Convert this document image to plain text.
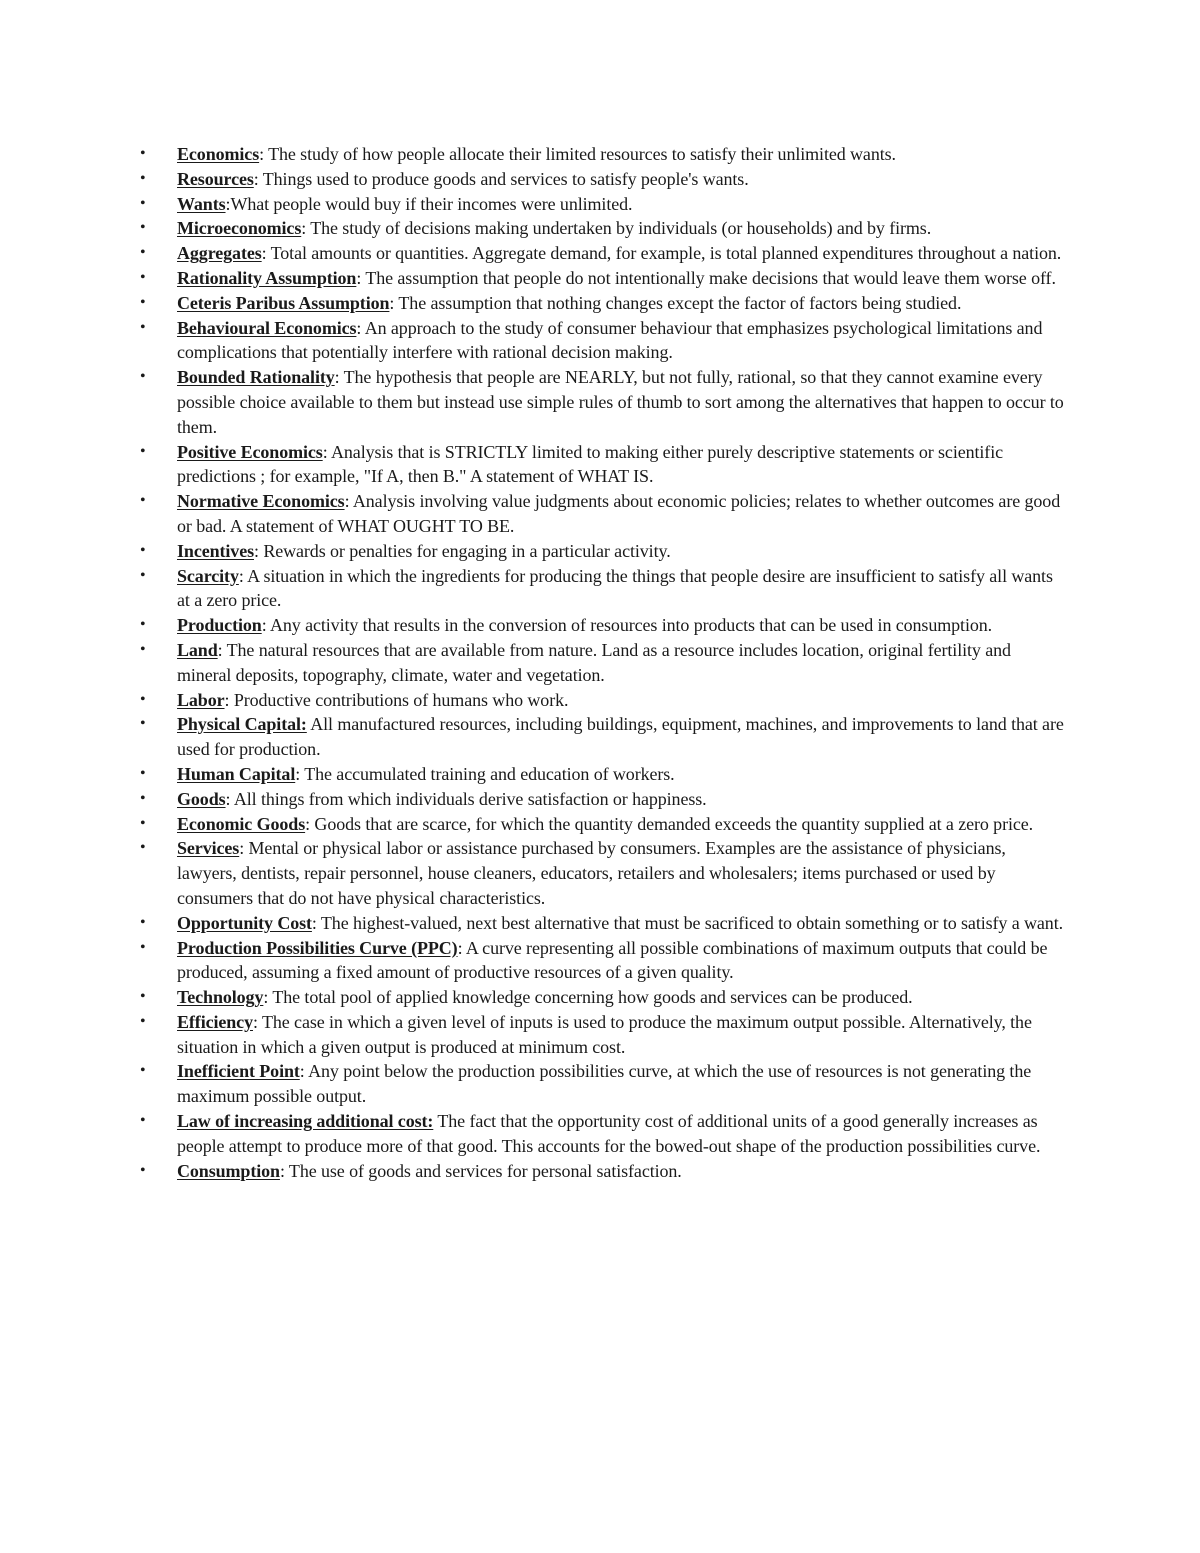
•	Economics: The study of how people allocate their limited resources to satisfy their unlimited wants.
•	Resources: Things used to produce goods and services to satisfy people's wants.
•	Wants:What people would buy if their incomes were unlimited.
•	Microeconomics: The study of decisions making undertaken by individuals (or households) and by firms.
•	Aggregates: Total amounts or quantities. Aggregate demand, for example, is total planned expenditures throughout a nation.
•	Rationality Assumption: The assumption that people do not intentionally make decisions that would leave them worse off.
•	Ceteris Paribus Assumption: The assumption that nothing changes except the factor of factors being studied.
•	Behavioural Economics: An approach to the study of consumer behaviour that emphasizes psychological limitations and complications that potentially interfere with rational decision making.
•	Bounded Rationality: The hypothesis that people are NEARLY, but not fully, rational, so that they cannot examine every possible choice available to them but instead use simple rules of thumb to sort among the alternatives that happen to occur to them.
•	Positive Economics: Analysis that is STRICTLY limited to making either purely descriptive statements or scientific predictions ; for example, "If A, then B." A statement of WHAT IS.
•	Normative Economics: Analysis involving value judgments about economic policies; relates to whether outcomes are good or bad. A statement of WHAT OUGHT TO BE.
•	Incentives: Rewards or penalties for engaging in a particular activity.
•	Scarcity: A situation in which the ingredients for producing the things that people desire are insufficient to satisfy all wants at a zero price.
•	Production: Any activity that results in the conversion of resources into products that can be used in consumption.
•	Land: The natural resources that are available from nature. Land as a resource includes location, original fertility and mineral deposits, topography, climate, water and vegetation.
•	Labor: Productive contributions of humans who work.
•	Physical Capital: All manufactured resources, including buildings, equipment, machines, and improvements to land that are used for production.
•	Human Capital: The accumulated training and education of workers.
•	Goods: All things from which individuals derive satisfaction or happiness.
•	Economic Goods: Goods that are scarce, for which the quantity demanded exceeds the quantity supplied at a zero price.
•	Services: Mental or physical labor or assistance purchased by consumers. Examples are the assistance of physicians, lawyers, dentists, repair personnel, house cleaners, educators, retailers and wholesalers; items purchased or used by consumers that do not have physical characteristics.
•	Opportunity Cost: The highest-valued, next best alternative that must be sacrificed to obtain something or to satisfy a want.
•	Production Possibilities Curve (PPC): A curve representing all possible combinations of maximum outputs that could be produced, assuming a fixed amount of productive resources of a given quality.
•	Technology: The total pool of applied knowledge concerning how goods and services can be produced.
•	Efficiency: The case in which a given level of inputs is used to produce the maximum output possible. Alternatively, the situation in which a given output is produced at minimum cost.
•	Inefficient Point: Any point below the production possibilities curve, at which the use of resources is not generating the maximum possible output.
•	Law of increasing additional cost: The fact that the opportunity cost of additional units of a good generally increases as people attempt to produce more of that good. This accounts for the bowed-out shape of the production possibilities curve.
•	Consumption: The use of goods and services for personal satisfaction.
